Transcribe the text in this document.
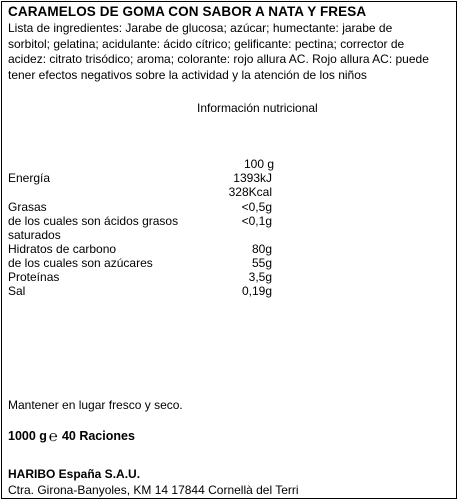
CARAMELOS DE GOMA CON SABOR A NATA Y FRESA
Lista de ingredientes: Jarabe de glucosa; azúcar; humectante: jarabe de
sorbitol; gelatina; acidulante: ácido cítrico; gelificante: pectina; corrector de
acidez: citrato trisódico; aroma; colorante: rojo allura AC. Rojo allura AC: puede
tener efectos negativos sobre la actividad y la atención de los niños
Información nutricional
100 g
Energía	1393kJ
328Kcal
Grasas	<0,5g
de los cuales son ácidos grasos	<0,1g
saturados
Hidratos de carbono	80g
de los cuales son azúcares	55g
Proteínas	3,5g
Sal	0,19g
Mantener en lugar fresco y seco.
1000 g ℮ 40 Raciones
HARIBO España S.A.U.
Ctra. Girona-Banyoles, KM 14 17844 Cornellà del Terri
